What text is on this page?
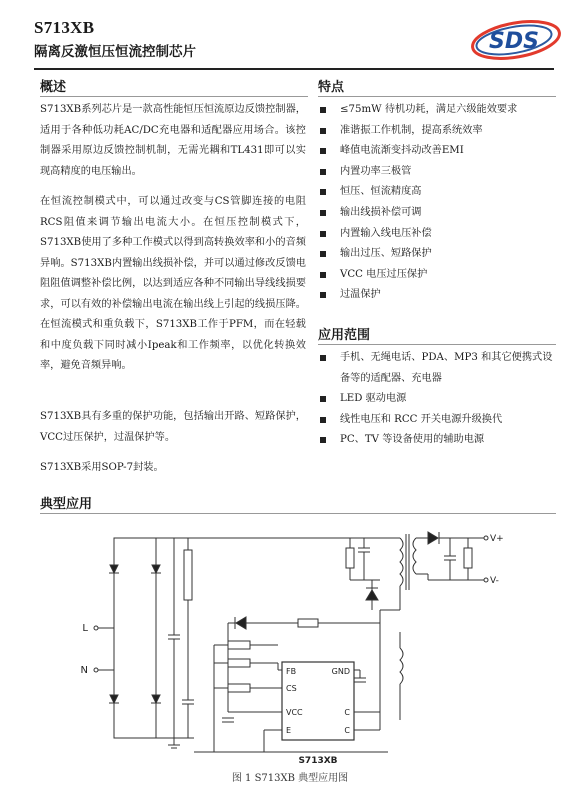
S713XB
隔离反激恒压恒流控制芯片	SDS
概述

S713XB系列芯片是一款高性能恒压恒流原边反馈控制器，适用于各种低功耗AC/DC充电器和适配器应用场合。该控制器采用原边反馈控制机制，无需光耦和TL431即可以实现高精度的电压输出。

在恒流控制模式中，可以通过改变与CS管脚连接的电阻RCS阻值来调节输出电流大小。在恒压控制模式下，S713XB使用了多种工作模式以得到高转换效率和小的音频异响。S713XB内置输出线损补偿，并可以通过修改反馈电阻阻值调整补偿比例，以达到适应各种不同输出导线线损要求，可以有效的补偿输出电流在输出线上引起的线损压降。在恒流模式和重负载下，S713XB工作于PFM，而在轻载和中度负载下同时减小Ipeak和工作频率，以优化转换效率，避免音频异响。

S713XB具有多重的保护功能，包括输出开路、短路保护，VCC过压保护，过温保护等。

S713XB采用SOP-7封装。

特点
≤75mW 待机功耗，满足六级能效要求
准谐振工作机制，提高系统效率
峰值电流渐变抖动改善EMI
内置功率三极管
恒压、恒流精度高
输出线损补偿可调
内置输入线电压补偿
输出过压、短路保护
VCC 电压过压保护
过温保护
应用范围
手机、无绳电话、PDA、MP3 和其它便携式设备等的适配器、充电器
LED 驱动电源
线性电压和 RCC 开关电源升级换代
PC、TV 等设备使用的辅助电源
典型应用
L
N
V+
V-
FB	GND
CS
VCC	C
E	C
S713XB
图 1 S713XB 典型应用图
